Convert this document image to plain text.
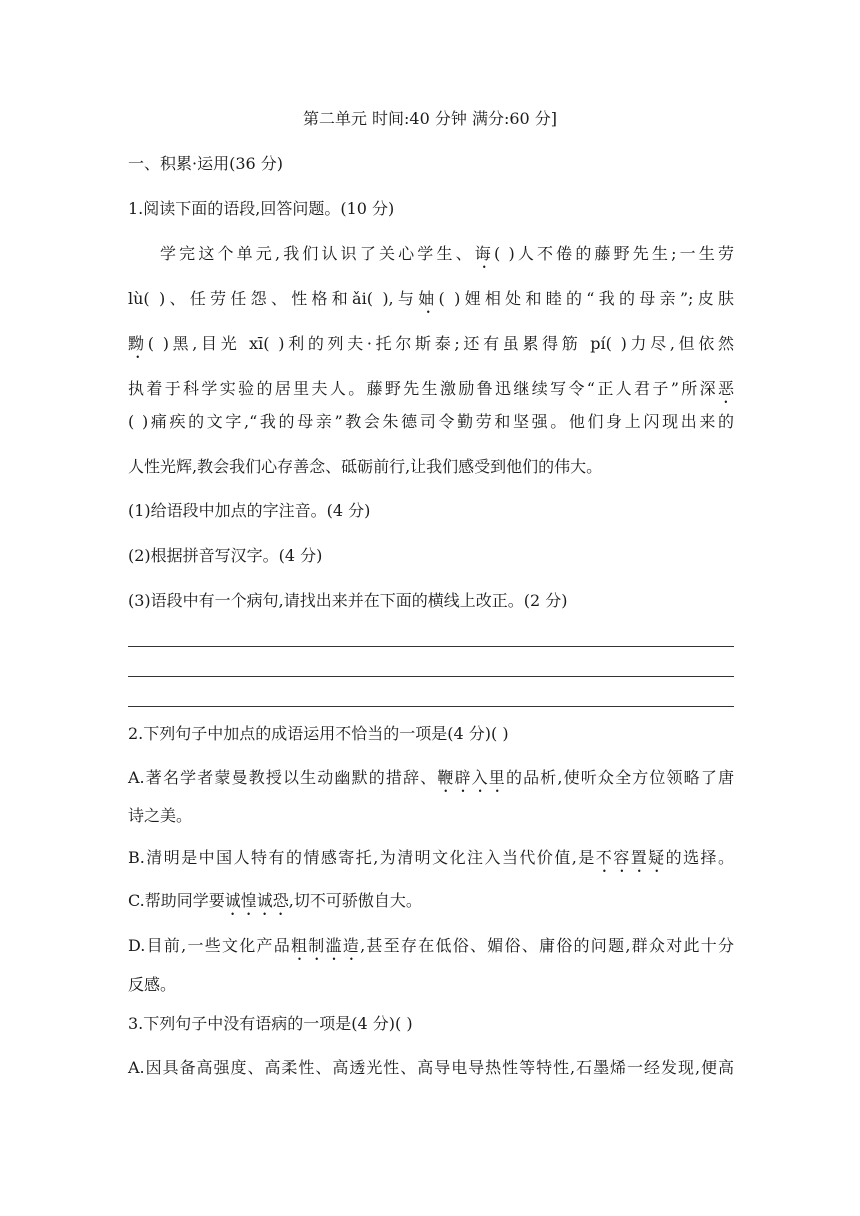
第二单元 时间:40 分钟 满分:60 分]
一、积累·运用(36 分)
1.阅读下面的语段,回答问题。(10 分)
学完这个单元,我们认识了关心学生、诲( )人不倦的藤野先生;一生劳
lù( )、任劳任怨、性格和ǎi( ),与妯( )娌相处和睦的“我的母亲”;皮肤
黝( )黑,目光 xī( )利的列夫·托尔斯泰;还有虽累得筋 pí( )力尽,但依然
执着于科学实验的居里夫人。藤野先生激励鲁迅继续写令“正人君子”所深恶
( )痛疾的文字,“我的母亲”教会朱德司令勤劳和坚强。他们身上闪现出来的
人性光辉,教会我们心存善念、砥砺前行,让我们感受到他们的伟大。
(1)给语段中加点的字注音。(4 分)
(2)根据拼音写汉字。(4 分)
(3)语段中有一个病句,请找出来并在下面的横线上改正。(2 分)
2.下列句子中加点的成语运用不恰当的一项是(4 分)( )
A.著名学者蒙曼教授以生动幽默的措辞、鞭辟入里的品析,使听众全方位领略了唐
诗之美。
B.清明是中国人特有的情感寄托,为清明文化注入当代价值,是不容置疑的选择。
C.帮助同学要诚惶诚恐,切不可骄傲自大。
D.目前,一些文化产品粗制滥造,甚至存在低俗、媚俗、庸俗的问题,群众对此十分
反感。
3.下列句子中没有语病的一项是(4 分)( )
A.因具备高强度、高柔性、高透光性、高导电导热性等特性,石墨烯一经发现,便高
